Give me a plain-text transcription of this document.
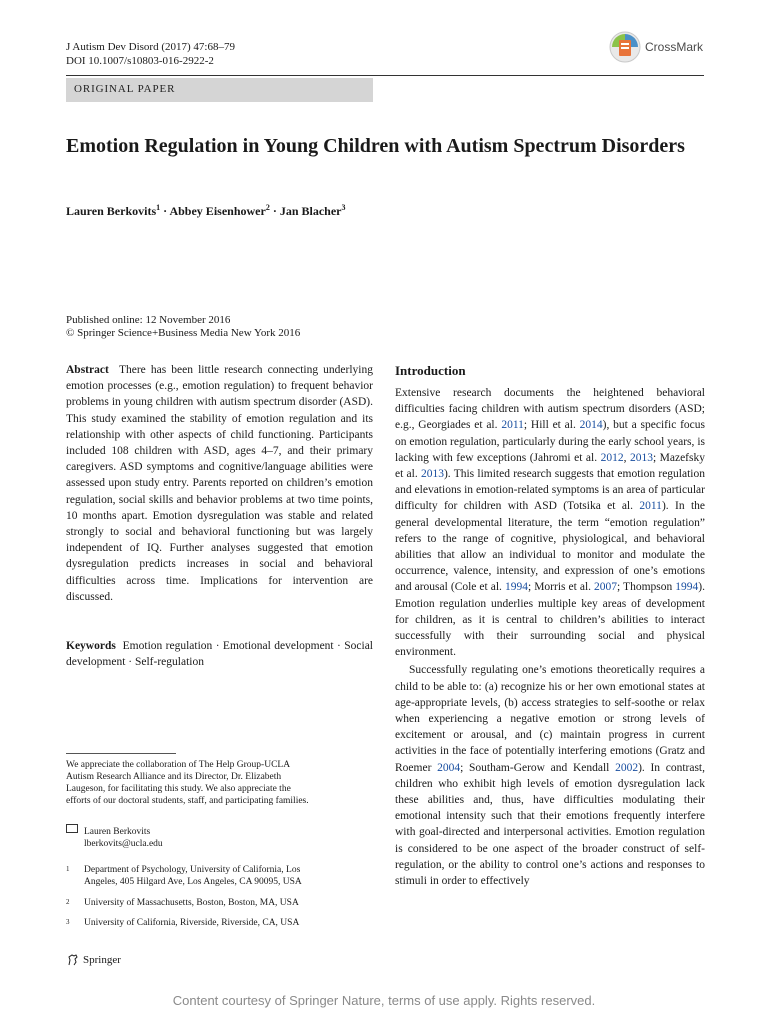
J Autism Dev Disord (2017) 47:68–79
DOI 10.1007/s10803-016-2922-2
CrossMark
ORIGINAL PAPER
Emotion Regulation in Young Children with Autism Spectrum Disorders
Lauren Berkovits$^1$ · Abbey Eisenhower$^2$ · Jan Blacher$^3$
Published online: 12 November 2016
© Springer Science+Business Media New York 2016
Abstract There has been little research connecting underlying emotion processes (e.g., emotion regulation) to frequent behavior problems in young children with autism spectrum disorder (ASD). This study examined the stability of emotion regulation and its relationship with other aspects of child functioning. Participants included 108 children with ASD, ages 4–7, and their primary caregivers. ASD symptoms and cognitive/language abilities were assessed upon study entry. Parents reported on children’s emotion regulation, social skills and behavior problems at two time points, 10 months apart. Emotion dysregulation was stable and related strongly to social and behavioral functioning but was largely independent of IQ. Further analyses suggested that emotion dysregulation predicts increases in social and behavioral difficulties across time. Implications for intervention are discussed.
Keywords Emotion regulation · Emotional development · Social development · Self-regulation
We appreciate the collaboration of The Help Group-UCLA
Autism Research Alliance and its Director, Dr. Elizabeth
Laugeson, for facilitating this study. We also appreciate the
efforts of our doctoral students, staff, and participating families.
Lauren Berkovits
lberkovits@ucla.edu
1 Department of Psychology, University of California, Los
Angeles, 405 Hilgard Ave, Los Angeles, CA 90095, USA
2 University of Massachusetts, Boston, Boston, MA, USA
3 University of California, Riverside, Riverside, CA, USA
Springer
Introduction
Extensive research documents the heightened behavioral difficulties facing children with autism spectrum disorders (ASD; e.g., Georgiades et al. 2011; Hill et al. 2014), but a specific focus on emotion regulation, particularly during the early school years, is lacking with few exceptions (Jahromi et al. 2012, 2013; Mazefsky et al. 2013). This limited research suggests that emotion regulation and elevations in emotion-related symptoms is an area of particular difficulty for children with ASD (Totsika et al. 2011). In the general developmental literature, the term “emotion regulation” refers to the range of cognitive, physiological, and behavioral abilities that allow an individual to monitor and modulate the occurrence, valence, intensity, and expression of one’s emotions and arousal (Cole et al. 1994; Morris et al. 2007; Thompson 1994). Emotion regulation underlies multiple key areas of development for children, as it is central to children’s abilities to interact successfully with their surrounding social and physical environment.
Successfully regulating one’s emotions theoretically requires a child to be able to: (a) recognize his or her own emotional states at age-appropriate levels, (b) access strategies to self-soothe or relax when experiencing a negative emotion or strong levels of excitement or arousal, and (c) maintain progress in current activities in the face of potentially interfering emotions (Gratz and Roemer 2004; Southam-Gerow and Kendall 2002). In contrast, children who exhibit high levels of emotion dysregulation lack these abilities and, thus, have difficulties modulating their emotional intensity such that their emotions frequently interfere with goal-directed and interpersonal activities. Emotion regulation is considered to be one aspect of the broader construct of self-regulation, or the ability to control one’s actions and responses to stimuli in order to effectively
Content courtesy of Springer Nature, terms of use apply. Rights reserved.
